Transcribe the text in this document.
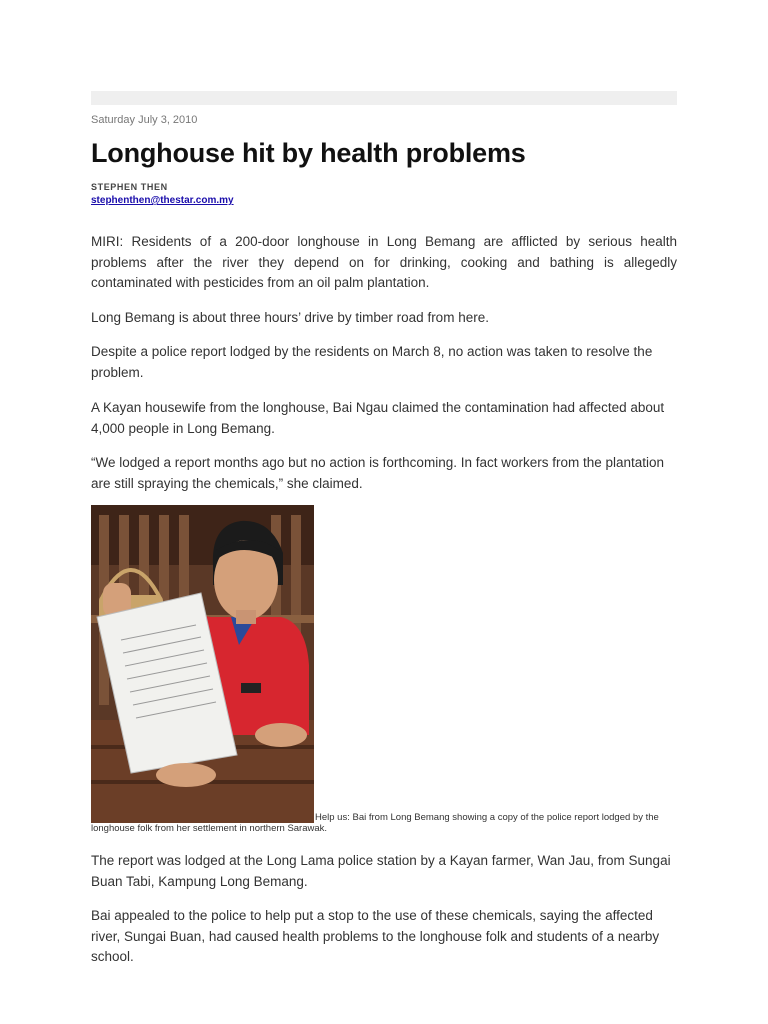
Saturday July 3, 2010
Longhouse hit by health problems
STEPHEN THEN
stephenthen@thestar.com.my

MIRI: Residents of a 200-door longhouse in Long Bemang are afflicted by serious health problems after the river they depend on for drinking, cooking and bathing is allegedly contaminated with pesticides from an oil palm plantation.

Long Bemang is about three hours’ drive by timber road from here.

Despite a police report lodged by the residents on March 8, no action was taken to resolve the problem.

A Kayan housewife from the longhouse, Bai Ngau claimed the contamination had affected about 4,000 people in Long Bemang.

“We lodged a report months ago but no action is forthcoming. In fact workers from the plantation are still spraying the chemicals,” she claimed.

Help us: Bai from Long Bemang showing a copy of the police report lodged by the longhouse folk from her settlement in northern Sarawak.

The report was lodged at the Long Lama police station by a Kayan farmer, Wan Jau, from Sungai Buan Tabi, Kampung Long Bemang.

Bai appealed to the police to help put a stop to the use of these chemicals, saying the affected river, Sungai Buan, had caused health problems to the longhouse folk and students of a nearby school.
